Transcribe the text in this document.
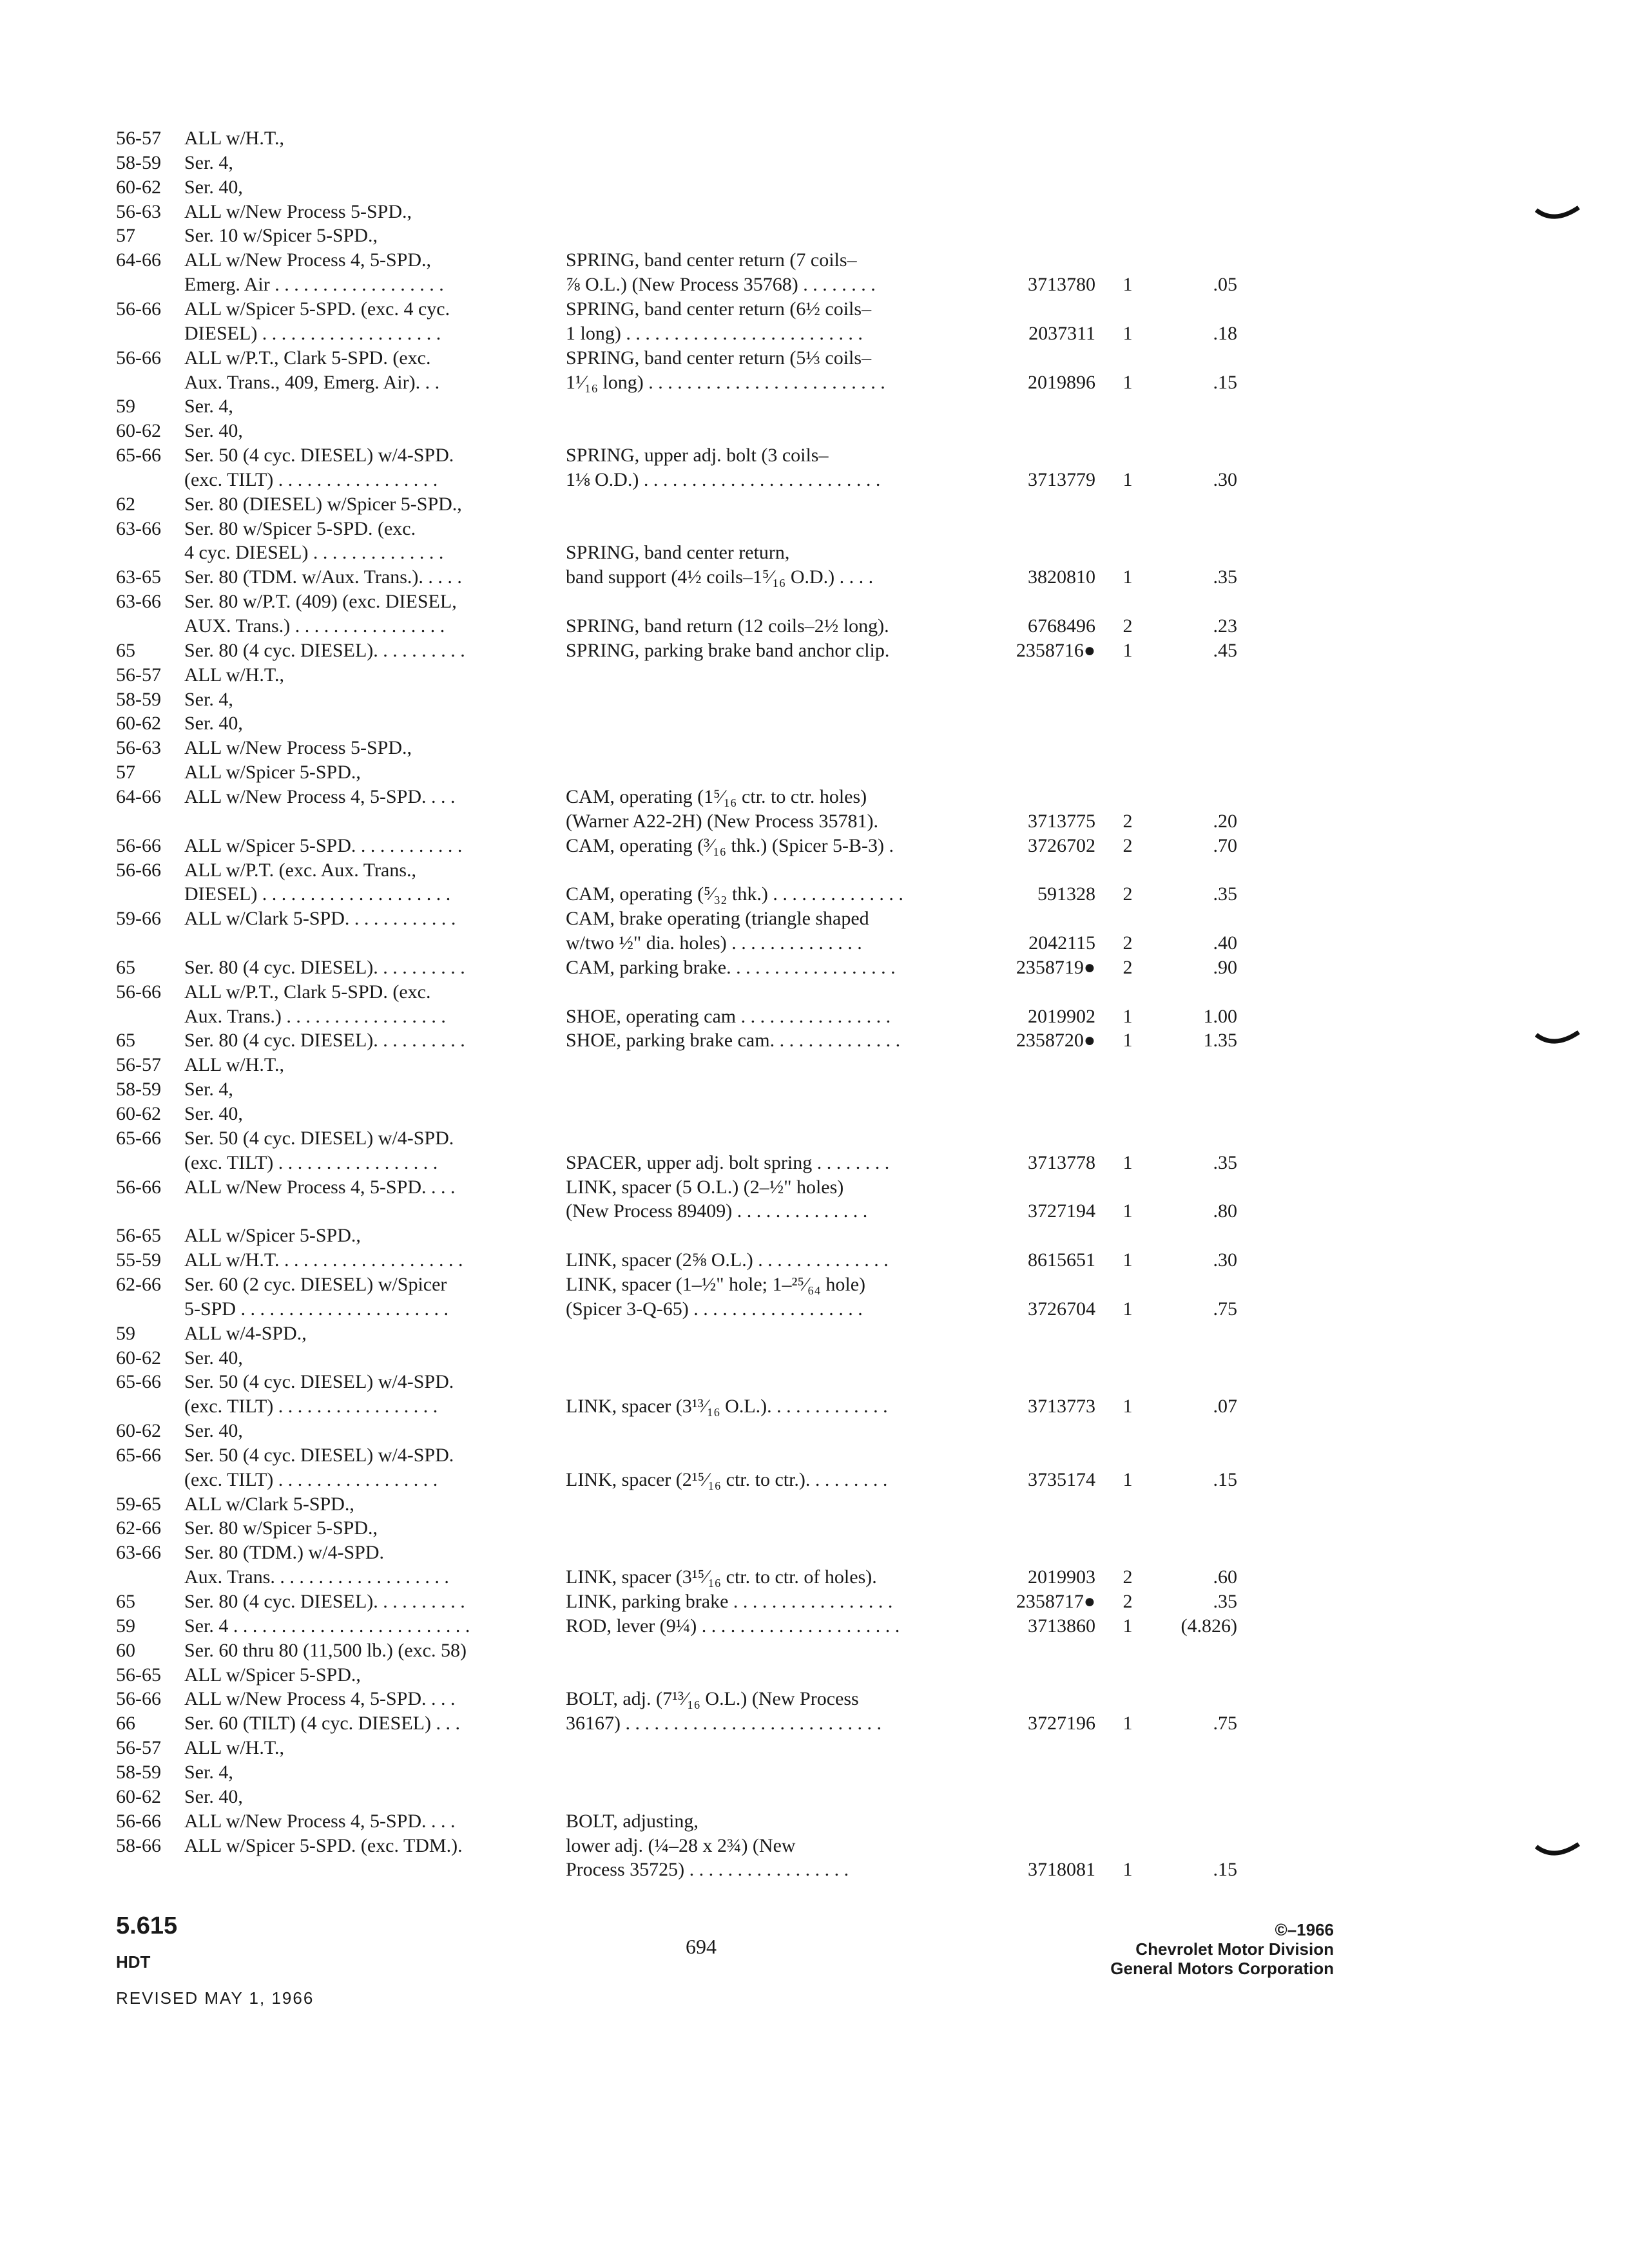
56-57 ALL w/H.T.,
58-59 Ser. 4,
60-62 Ser. 40,
56-63 ALL w/New Process 5-SPD.,
57	Ser. 10 w/Spicer 5-SPD.,
64-66 ALL w/New Process 4, 5-SPD.,	SPRING, band center return (7 coils–
Emerg. Air . . . . . . . . . . . . . . . . . .	⅞ O.L.) (New Process 35768) . . . . . . . .	3713780	1	.05
56-66 ALL w/Spicer 5-SPD. (exc. 4 cyc.	SPRING, band center return (6½ coils–
DIESEL) . . . . . . . . . . . . . . . . . . .	1 long) . . . . . . . . . . . . . . . . . . . . . . . . .	2037311	1	.18
56-66 ALL w/P.T., Clark 5-SPD. (exc.	SPRING, band center return (5⅓ coils–
Aux. Trans., 409, Emerg. Air). . .	1¹⁄₁₆ long) . . . . . . . . . . . . . . . . . . . . . . . . .	2019896	1	.15
59	Ser. 4,
60-62 Ser. 40,
65-66 Ser. 50 (4 cyc. DIESEL) w/4-SPD.	SPRING, upper adj. bolt (3 coils–
(exc. TILT) . . . . . . . . . . . . . . . . .	1⅛ O.D.) . . . . . . . . . . . . . . . . . . . . . . . . .	3713779	1	.30
62	Ser. 80 (DIESEL) w/Spicer 5-SPD.,
63-66 Ser. 80 w/Spicer 5-SPD. (exc.
4 cyc. DIESEL) . . . . . . . . . . . . . .	SPRING, band center return,
63-65 Ser. 80 (TDM. w/Aux. Trans.). . . . .	band support (4½ coils–1⁵⁄₁₆ O.D.) . . . .	3820810	1	.35
63-66 Ser. 80 w/P.T. (409) (exc. DIESEL,
AUX. Trans.) . . . . . . . . . . . . . . . .	SPRING, band return (12 coils–2½ long).	6768496	2	.23
65	Ser. 80 (4 cyc. DIESEL). . . . . . . . . .	SPRING, parking brake band anchor clip.	2358716●	1	.45
56-57 ALL w/H.T.,
58-59 Ser. 4,
60-62 Ser. 40,
56-63 ALL w/New Process 5-SPD.,
57	ALL w/Spicer 5-SPD.,
64-66 ALL w/New Process 4, 5-SPD. . . .	CAM, operating (1⁵⁄₁₆ ctr. to ctr. holes)
(Warner A22-2H) (New Process 35781).	3713775	2	.20
56-66 ALL w/Spicer 5-SPD. . . . . . . . . . . .	CAM, operating (³⁄₁₆ thk.) (Spicer 5-B-3) .	3726702	2	.70
56-66 ALL w/P.T. (exc. Aux. Trans.,
DIESEL) . . . . . . . . . . . . . . . . . . . .	CAM, operating (⁵⁄₃₂ thk.) . . . . . . . . . . . . . .	591328	2	.35
59-66 ALL w/Clark 5-SPD. . . . . . . . . . . .	CAM, brake operating (triangle shaped
w/two ½" dia. holes) . . . . . . . . . . . . . .	2042115	2	.40
65	Ser. 80 (4 cyc. DIESEL). . . . . . . . . .	CAM, parking brake. . . . . . . . . . . . . . . . . .	2358719●	2	.90
56-66 ALL w/P.T., Clark 5-SPD. (exc.
Aux. Trans.) . . . . . . . . . . . . . . . . .	SHOE, operating cam . . . . . . . . . . . . . . . .	2019902	1	1.00
65	Ser. 80 (4 cyc. DIESEL). . . . . . . . . .	SHOE, parking brake cam. . . . . . . . . . . . . .	2358720●	1	1.35
56-57 ALL w/H.T.,
58-59 Ser. 4,
60-62 Ser. 40,
65-66 Ser. 50 (4 cyc. DIESEL) w/4-SPD.
(exc. TILT) . . . . . . . . . . . . . . . . .	SPACER, upper adj. bolt spring . . . . . . . .	3713778	1	.35
56-66 ALL w/New Process 4, 5-SPD. . . .	LINK, spacer (5 O.L.) (2–½" holes)
(New Process 89409) . . . . . . . . . . . . . .	3727194	1	.80
56-65 ALL w/Spicer 5-SPD.,
55-59 ALL w/H.T. . . . . . . . . . . . . . . . . . . .	LINK, spacer (2⅝ O.L.) . . . . . . . . . . . . . .	8615651	1	.30
62-66 Ser. 60 (2 cyc. DIESEL) w/Spicer	LINK, spacer (1–½" hole; 1–²⁵⁄₆₄ hole)
5-SPD . . . . . . . . . . . . . . . . . . . . . .	(Spicer 3-Q-65) . . . . . . . . . . . . . . . . . .	3726704	1	.75
59	ALL w/4-SPD.,
60-62 Ser. 40,
65-66 Ser. 50 (4 cyc. DIESEL) w/4-SPD.
(exc. TILT) . . . . . . . . . . . . . . . . .	LINK, spacer (3¹³⁄₁₆ O.L.). . . . . . . . . . . . .	3713773	1	.07
60-62 Ser. 40,
65-66 Ser. 50 (4 cyc. DIESEL) w/4-SPD.
(exc. TILT) . . . . . . . . . . . . . . . . .	LINK, spacer (2¹⁵⁄₁₆ ctr. to ctr.). . . . . . . . .	3735174	1	.15
59-65 ALL w/Clark 5-SPD.,
62-66 Ser. 80 w/Spicer 5-SPD.,
63-66 Ser. 80 (TDM.) w/4-SPD.
Aux. Trans. . . . . . . . . . . . . . . . . . .	LINK, spacer (3¹⁵⁄₁₆ ctr. to ctr. of holes).	2019903	2	.60
65	Ser. 80 (4 cyc. DIESEL). . . . . . . . . .	LINK, parking brake . . . . . . . . . . . . . . . . .	2358717●	2	.35
59	Ser. 4 . . . . . . . . . . . . . . . . . . . . . . . . .	ROD, lever (9¼) . . . . . . . . . . . . . . . . . . . . .	3713860	1	(4.826)
60	Ser. 60 thru 80 (11,500 lb.) (exc. 58)
56-65 ALL w/Spicer 5-SPD.,
56-66 ALL w/New Process 4, 5-SPD. . . .	BOLT, adj. (7¹³⁄₁₆ O.L.) (New Process
66	Ser. 60 (TILT) (4 cyc. DIESEL) . . .	36167) . . . . . . . . . . . . . . . . . . . . . . . . . . .	3727196	1	.75
56-57 ALL w/H.T.,
58-59 Ser. 4,
60-62 Ser. 40,
56-66 ALL w/New Process 4, 5-SPD. . . .	BOLT, adjusting,
58-66 ALL w/Spicer 5-SPD. (exc. TDM.).	lower adj. (¼–28 x 2¾) (New
Process 35725) . . . . . . . . . . . . . . . . .	3718081	1	.15
5.615
HDT
REVISED MAY 1, 1966
694
©–1966
Chevrolet Motor Division
General Motors Corporation
